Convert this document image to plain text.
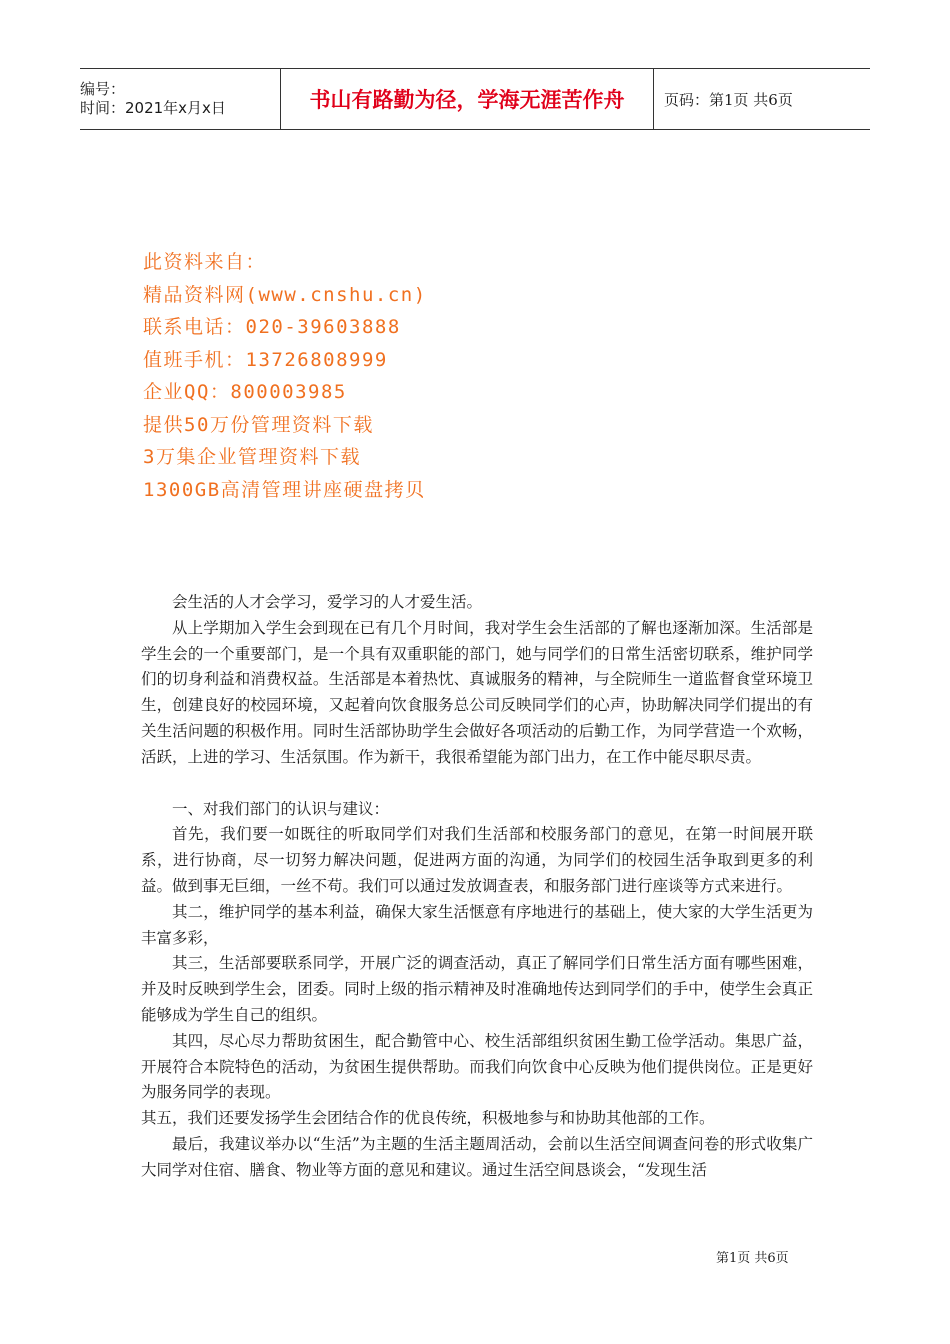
编号：
时间：2021年x月x日	书山有路勤为径，学海无涯苦作舟	页码：第1页 共6页
此资料来自：
精品资料网(www.cnshu.cn)
联系电话：020-39603888
值班手机：13726808999
企业QQ：800003985
提供50万份管理资料下载
3万集企业管理资料下载
1300GB高清管理讲座硬盘拷贝

会生活的人才会学习，爱学习的人才爱生活。

从上学期加入学生会到现在已有几个月时间，我对学生会生活部的了解也逐渐加深。生活部是学生会的一个重要部门，是一个具有双重职能的部门，她与同学们的日常生活密切联系，维护同学们的切身利益和消费权益。生活部是本着热忱、真诚服务的精神，与全院师生一道监督食堂环境卫生，创建良好的校园环境，又起着向饮食服务总公司反映同学们的心声，协助解决同学们提出的有关生活问题的积极作用。同时生活部协助学生会做好各项活动的后勤工作，为同学营造一个欢畅，活跃，上进的学习、生活氛围。作为新干，我很希望能为部门出力，在工作中能尽职尽责。

一、对我们部门的认识与建议：

首先，我们要一如既往的听取同学们对我们生活部和校服务部门的意见，在第一时间展开联系，进行协商，尽一切努力解决问题，促进两方面的沟通，为同学们的校园生活争取到更多的利益。做到事无巨细，一丝不苟。我们可以通过发放调查表，和服务部门进行座谈等方式来进行。

其二，维护同学的基本利益，确保大家生活惬意有序地进行的基础上，使大家的大学生活更为丰富多彩，

其三，生活部要联系同学，开展广泛的调查活动，真正了解同学们日常生活方面有哪些困难，并及时反映到学生会，团委。同时上级的指示精神及时准确地传达到同学们的手中，使学生会真正能够成为学生自己的组织。

其四，尽心尽力帮助贫困生，配合勤管中心、校生活部组织贫困生勤工俭学活动。集思广益，开展符合本院特色的活动，为贫困生提供帮助。而我们向饮食中心反映为他们提供岗位。正是更好为服务同学的表现。

其五，我们还要发扬学生会团结合作的优良传统，积极地参与和协助其他部的工作。

最后，我建议举办以“生活”为主题的生活主题周活动，会前以生活空间调查问卷的形式收集广大同学对住宿、膳食、物业等方面的意见和建议。通过生活空间恳谈会，“发现生活

第1页 共6页
